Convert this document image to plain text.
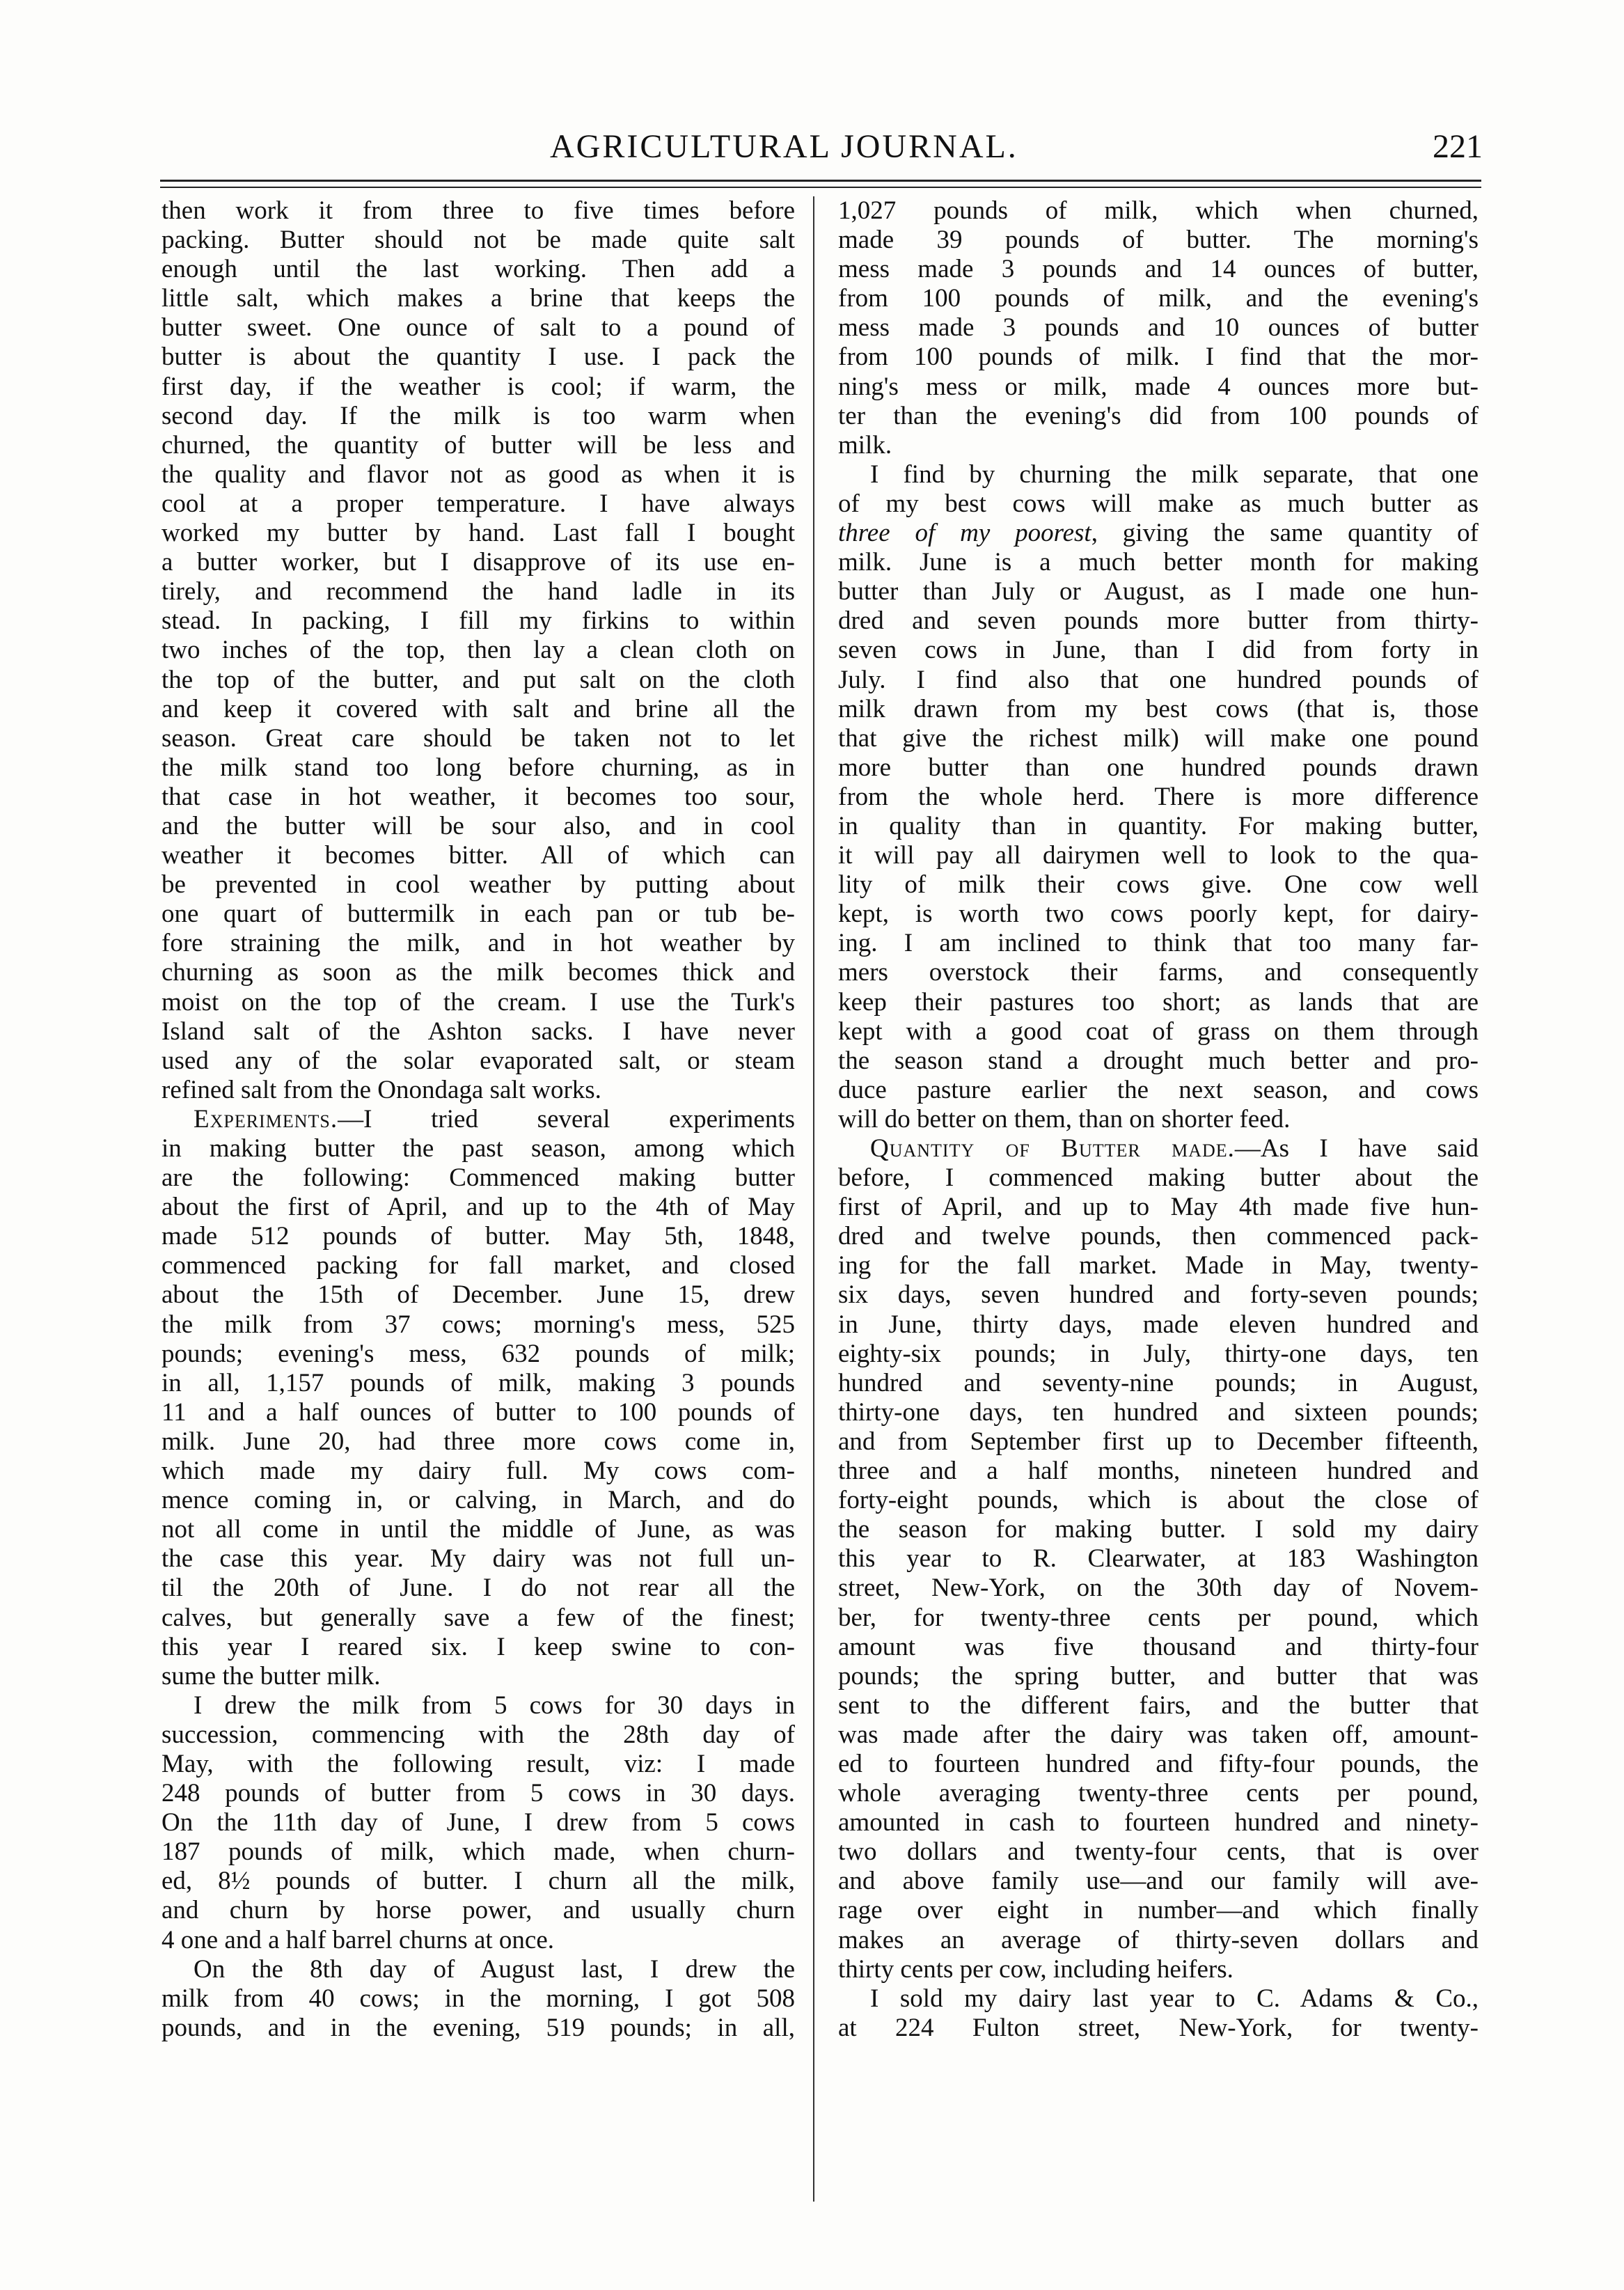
AGRICULTURAL JOURNAL.	221
then work it from three to five times before
packing. Butter should not be made quite salt
enough until the last working. Then add a
little salt, which makes a brine that keeps the
butter sweet. One ounce of salt to a pound of
butter is about the quantity I use. I pack the
first day, if the weather is cool; if warm, the
second day. If the milk is too warm when
churned, the quantity of butter will be less and
the quality and flavor not as good as when it is
cool at a proper temperature. I have always
worked my butter by hand. Last fall I bought
a butter worker, but I disapprove of its use en-
tirely, and recommend the hand ladle in its
stead. In packing, I fill my firkins to within
two inches of the top, then lay a clean cloth on
the top of the butter, and put salt on the cloth
and keep it covered with salt and brine all the
season. Great care should be taken not to let
the milk stand too long before churning, as in
that case in hot weather, it becomes too sour,
and the butter will be sour also, and in cool
weather it becomes bitter. All of which can
be prevented in cool weather by putting about
one quart of buttermilk in each pan or tub be-
fore straining the milk, and in hot weather by
churning as soon as the milk becomes thick and
moist on the top of the cream. I use the Turk's
Island salt of the Ashton sacks. I have never
used any of the solar evaporated salt, or steam
refined salt from the Onondaga salt works.
Experiments.—I tried several experiments
in making butter the past season, among which
are the following: Commenced making butter
about the first of April, and up to the 4th of May
made 512 pounds of butter. May 5th, 1848,
commenced packing for fall market, and closed
about the 15th of December. June 15, drew
the milk from 37 cows; morning's mess, 525
pounds; evening's mess, 632 pounds of milk;
in all, 1,157 pounds of milk, making 3 pounds
11 and a half ounces of butter to 100 pounds of
milk. June 20, had three more cows come in,
which made my dairy full. My cows com-
mence coming in, or calving, in March, and do
not all come in until the middle of June, as was
the case this year. My dairy was not full un-
til the 20th of June. I do not rear all the
calves, but generally save a few of the finest;
this year I reared six. I keep swine to con-
sume the butter milk.
I drew the milk from 5 cows for 30 days in
succession, commencing with the 28th day of
May, with the following result, viz: I made
248 pounds of butter from 5 cows in 30 days.
On the 11th day of June, I drew from 5 cows
187 pounds of milk, which made, when churn-
ed, 8½ pounds of butter. I churn all the milk,
and churn by horse power, and usually churn
4 one and a half barrel churns at once.
On the 8th day of August last, I drew the
milk from 40 cows; in the morning, I got 508
pounds, and in the evening, 519 pounds; in all,
1,027 pounds of milk, which when churned,
made 39 pounds of butter. The morning's
mess made 3 pounds and 14 ounces of butter,
from 100 pounds of milk, and the evening's
mess made 3 pounds and 10 ounces of butter
from 100 pounds of milk. I find that the mor-
ning's mess or milk, made 4 ounces more but-
ter than the evening's did from 100 pounds of
milk.
I find by churning the milk separate, that one
of my best cows will make as much butter as
three of my poorest, giving the same quantity of
milk. June is a much better month for making
butter than July or August, as I made one hun-
dred and seven pounds more butter from thirty-
seven cows in June, than I did from forty in
July. I find also that one hundred pounds of
milk drawn from my best cows (that is, those
that give the richest milk) will make one pound
more butter than one hundred pounds drawn
from the whole herd. There is more difference
in quality than in quantity. For making butter,
it will pay all dairymen well to look to the qua-
lity of milk their cows give. One cow well
kept, is worth two cows poorly kept, for dairy-
ing. I am inclined to think that too many far-
mers overstock their farms, and consequently
keep their pastures too short; as lands that are
kept with a good coat of grass on them through
the season stand a drought much better and pro-
duce pasture earlier the next season, and cows
will do better on them, than on shorter feed.
Quantity of Butter made.—As I have said
before, I commenced making butter about the
first of April, and up to May 4th made five hun-
dred and twelve pounds, then commenced pack-
ing for the fall market. Made in May, twenty-
six days, seven hundred and forty-seven pounds;
in June, thirty days, made eleven hundred and
eighty-six pounds; in July, thirty-one days, ten
hundred and seventy-nine pounds; in August,
thirty-one days, ten hundred and sixteen pounds;
and from September first up to December fifteenth,
three and a half months, nineteen hundred and
forty-eight pounds, which is about the close of
the season for making butter. I sold my dairy
this year to R. Clearwater, at 183 Washington
street, New-York, on the 30th day of Novem-
ber, for twenty-three cents per pound, which
amount was five thousand and thirty-four
pounds; the spring butter, and butter that was
sent to the different fairs, and the butter that
was made after the dairy was taken off, amount-
ed to fourteen hundred and fifty-four pounds, the
whole averaging twenty-three cents per pound,
amounted in cash to fourteen hundred and ninety-
two dollars and twenty-four cents, that is over
and above family use—and our family will ave-
rage over eight in number—and which finally
makes an average of thirty-seven dollars and
thirty cents per cow, including heifers.
I sold my dairy last year to C. Adams & Co.,
at 224 Fulton street, New-York, for twenty-
